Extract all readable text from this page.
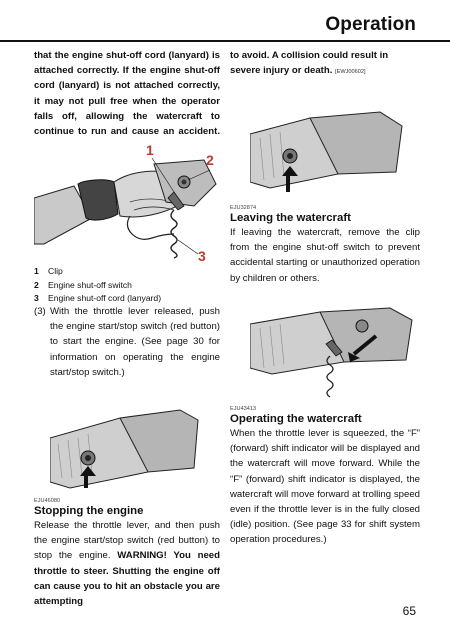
Operation

that the engine shut-off cord (lanyard) is attached correctly. If the engine shut-off cord (lanyard) is not attached correctly, it may not pull free when the operator falls off, allowing the watercraft to continue to run and cause an accident.

to avoid. A collision could result in severe injury or death. [EWJ00602]

1
2
3
1 Clip
2 Engine shut-off switch
3 Engine shut-off cord (lanyard)
(3) With the throttle lever released, push the engine start/stop switch (red button) to start the engine. (See page 30 for information on operating the engine start/stop switch.)

EJU46080
Stopping the engine

Release the throttle lever, and then push the engine start/stop switch (red button) to stop the engine. WARNING! You need throttle to steer. Shutting the engine off can cause you to hit an obstacle you are attempting

EJU32874
Leaving the watercraft

If leaving the watercraft, remove the clip from the engine shut-off switch to prevent accidental starting or unauthorized operation by children or others.

EJU43413
Operating the watercraft

When the throttle lever is squeezed, the “F” (forward) shift indicator will be displayed and the watercraft will move forward. While the “F” (forward) shift indicator is displayed, the watercraft will move forward at trolling speed even if the throttle lever is in the fully closed (idle) position. (See page 33 for shift system operation procedures.)

65
